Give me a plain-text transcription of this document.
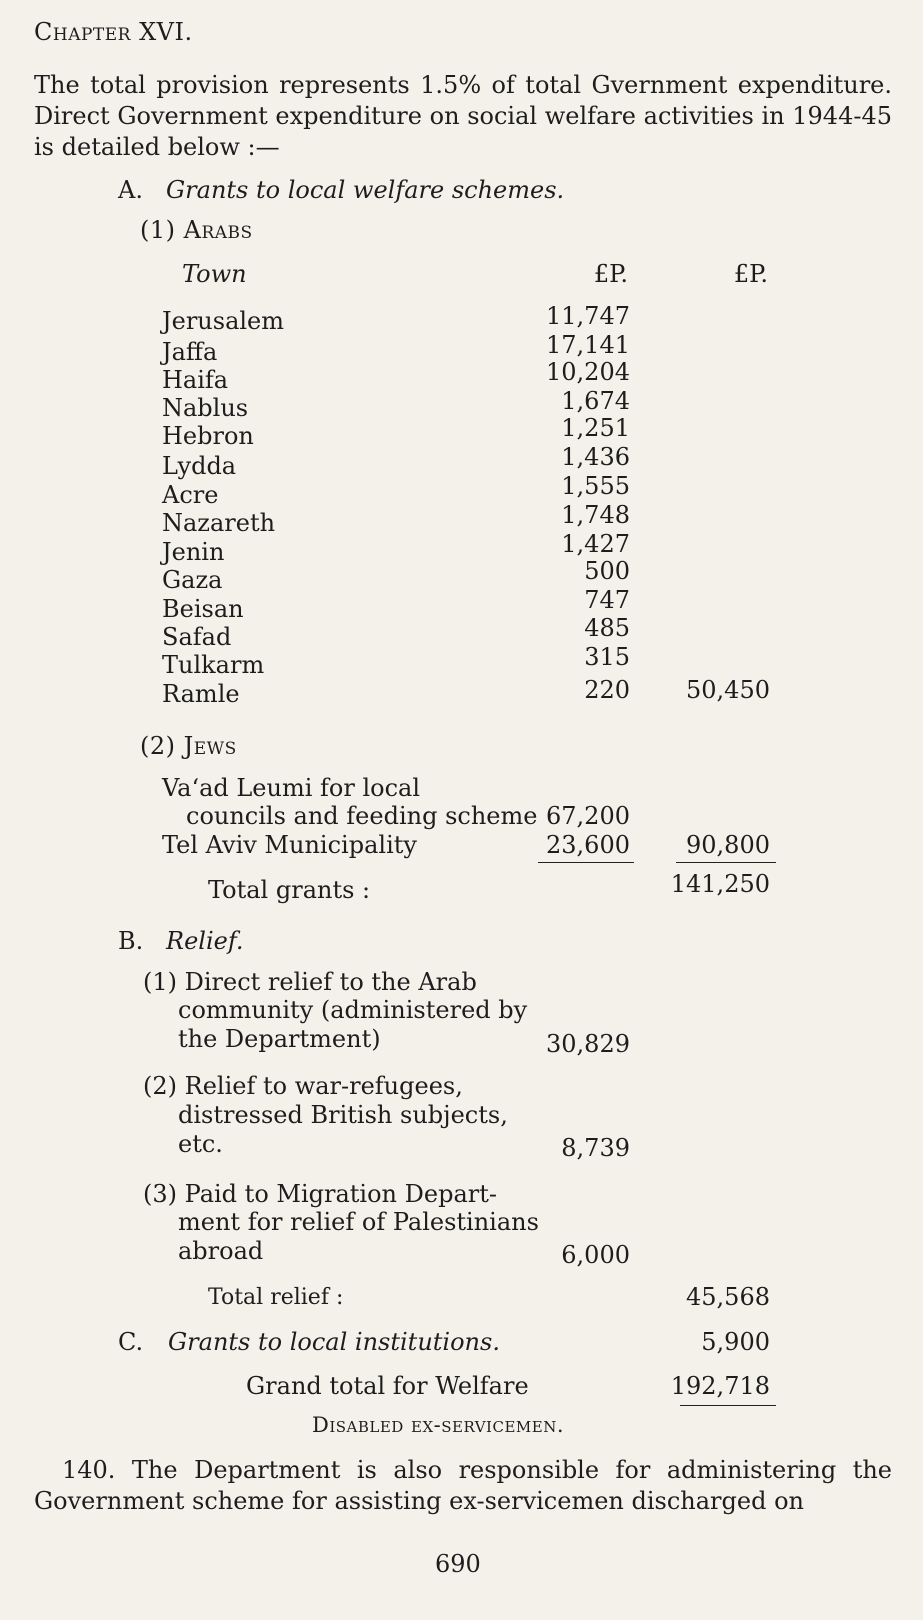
Chapter XVI.
The total provision represents 1.5% of total Gvernment expenditure. Direct Government expenditure on social welfare activities in 1944-45 is detailed below :—
A. Grants to local welfare schemes.
(1) Arabs
Town	£P.	£P.
Jerusalem	11,747
Jaffa	17,141
Haifa	10,204
Nablus	1,674
Hebron	1,251
Lydda	1,436
Acre	1,555
Nazareth	1,748
Jenin	1,427
Gaza	500
Beisan	747
Safad	485
Tulkarm	315
Ramle	220	50,450
(2) Jews
Va‘ad Leumi for local
councils and feeding scheme 67,200
Tel Aviv Municipality	23,600	90,800
Total grants :	141,250
B. Relief.
(1) Direct relief to the Arab
community (administered by
the Department)	30,829
(2) Relief to war-refugees,
distressed British subjects,
etc.	8,739
(3) Paid to Migration Depart-
ment for relief of Palestinians
abroad	6,000
Total relief :	45,568
C. Grants to local institutions.	5,900
Grand total for Welfare	192,718
Disabled ex-servicemen.
140. The Department is also responsible for administering the Government scheme for assisting ex-servicemen discharged on
690
